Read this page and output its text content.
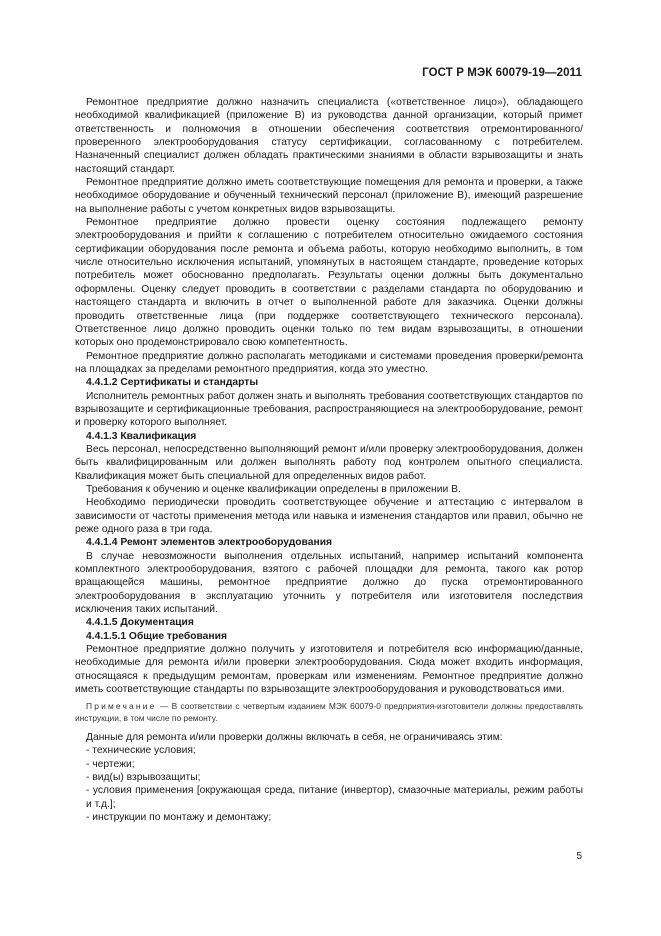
ГОСТ Р МЭК 60079-19—2011

Ремонтное предприятие должно назначить специалиста («ответственное лицо»), обладающего необходимой квалификацией (приложение В) из руководства данной организации, который примет ответственность и полномочия в отношении обеспечения соответствия отремонтированного/проверенного электрооборудования статусу сертификации, согласованному с потребителем. Назначенный специалист должен обладать практическими знаниями в области взрывозащиты и знать настоящий стандарт.

Ремонтное предприятие должно иметь соответствующие помещения для ремонта и проверки, а также необходимое оборудование и обученный технический персонал (приложение В), имеющий разрешение на выполнение работы с учетом конкретных видов взрывозащиты.

Ремонтное предприятие должно провести оценку состояния подлежащего ремонту электрооборудования и прийти к соглашению с потребителем относительно ожидаемого состояния сертификации оборудования после ремонта и объема работы, которую необходимо выполнить, в том числе относительно исключения испытаний, упомянутых в настоящем стандарте, проведение которых потребитель может обоснованно предполагать. Результаты оценки должны быть документально оформлены. Оценку следует проводить в соответствии с разделами стандарта по оборудованию и настоящего стандарта и включить в отчет о выполненной работе для заказчика. Оценки должны проводить ответственные лица (при поддержке соответствующего технического персонала). Ответственное лицо должно проводить оценки только по тем видам взрывозащиты, в отношении которых оно продемонстрировало свою компетентность.

Ремонтное предприятие должно располагать методиками и системами проведения проверки/ремонта на площадках за пределами ремонтного предприятия, когда это уместно.

4.4.1.2 Сертификаты и стандарты

Исполнитель ремонтных работ должен знать и выполнять требования соответствующих стандартов по взрывозащите и сертификационные требования, распространяющиеся на электрооборудование, ремонт и проверку которого выполняет.

4.4.1.3 Квалификация

Весь персонал, непосредственно выполняющий ремонт и/или проверку электрооборудования, должен быть квалифицированным или должен выполнять работу под контролем опытного специалиста. Квалификация может быть специальной для определенных видов работ.

Требования к обучению и оценке квалификации определены в приложении В.

Необходимо периодически проводить соответствующее обучение и аттестацию с интервалом в зависимости от частоты применения метода или навыка и изменения стандартов или правил, обычно не реже одного раза в три года.

4.4.1.4 Ремонт элементов электрооборудования

В случае невозможности выполнения отдельных испытаний, например испытаний компонента комплектного электрооборудования, взятого с рабочей площадки для ремонта, такого как ротор вращающейся машины, ремонтное предприятие должно до пуска отремонтированного электрооборудования в эксплуатацию уточнить у потребителя или изготовителя последствия исключения таких испытаний.

4.4.1.5 Документация

4.4.1.5.1 Общие требования

Ремонтное предприятие должно получить у изготовителя и потребителя всю информацию/данные, необходимые для ремонта и/или проверки электрооборудования. Сюда может входить информация, относящаяся к предыдущим ремонтам, проверкам или изменениям. Ремонтное предприятие должно иметь соответствующие стандарты по взрывозащите электрооборудования и руководствоваться ими.

Примечание — В соответствии с четвертым изданием МЭК 60079-0 предприятия-изготовители должны предоставлять инструкции, в том числе по ремонту.

Данные для ремонта и/или проверки должны включать в себя, не ограничиваясь этим:

- технические условия;

- чертежи;

- вид(ы) взрывозащиты;

- условия применения [окружающая среда, питание (инвертор), смазочные материалы, режим работы и т.д.];

- инструкции по монтажу и демонтажу;

5
